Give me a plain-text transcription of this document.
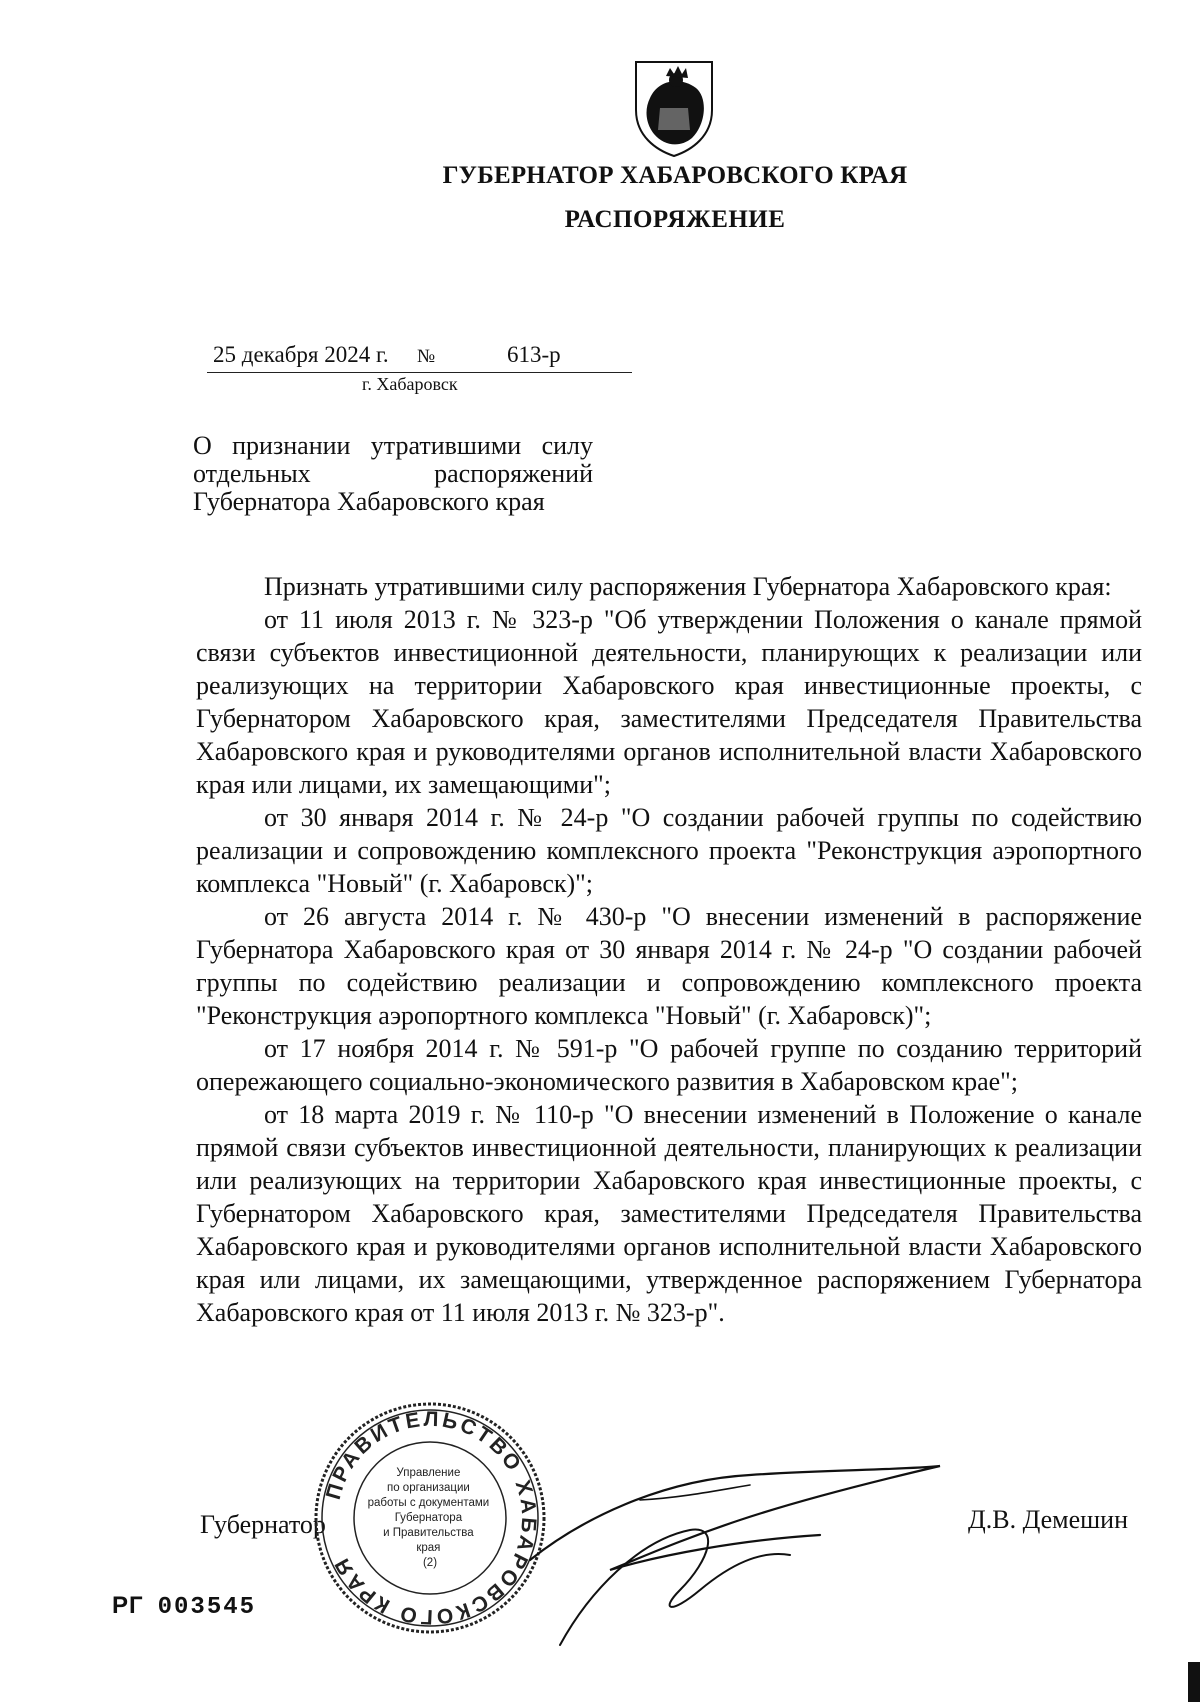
ГУБЕРНАТОР ХАБАРОВСКОГО КРАЯ
РАСПОРЯЖЕНИЕ
25 декабря 2024 г. №	613-р
г. Хабаровск
О признании утратившими силу
отдельных распоряжений
Губернатора Хабаровского края

Признать утратившими силу распоряжения Губернатора Хабаровского края:

от 11 июля 2013 г. № 323-р "Об утверждении Положения о канале прямой связи субъектов инвестиционной деятельности, планирующих к реализации или реализующих на территории Хабаровского края инвестиционные проекты, с Губернатором Хабаровского края, заместителями Председателя Правительства Хабаровского края и руководителями органов исполнительной власти Хабаровского края или лицами, их замещающими";

от 30 января 2014 г. № 24-р "О создании рабочей группы по содействию реализации и сопровождению комплексного проекта "Реконструкция аэропортного комплекса "Новый" (г. Хабаровск)";

от 26 августа 2014 г. № 430-р "О внесении изменений в распоряжение Губернатора Хабаровского края от 30 января 2014 г. № 24-р "О создании рабочей группы по содействию реализации и сопровождению комплексного проекта "Реконструкция аэропортного комплекса "Новый" (г. Хабаровск)";

от 17 ноября 2014 г. № 591-р "О рабочей группе по созданию территорий опережающего социально-экономического развития в Хабаровском крае";

от 18 марта 2019 г. № 110-р "О внесении изменений в Положение о канале прямой связи субъектов инвестиционной деятельности, планирующих к реализации или реализующих на территории Хабаровского края инвестиционные проекты, с Губернатором Хабаровского края, заместителями Председателя Правительства Хабаровского края и руководителями органов исполнительной власти Хабаровского края или лицами, их замещающими, утвержденное распоряжением Губернатора Хабаровского края от 11 июля 2013 г. № 323-р".

Губернатор	Д.В. Демешин
ПРАВИТЕЛЬСТВО ХАБАРОВСКОГО КРАЯ
Управление по организации работы с документами Губернатора и Правительства края (2)
РГ 003545
